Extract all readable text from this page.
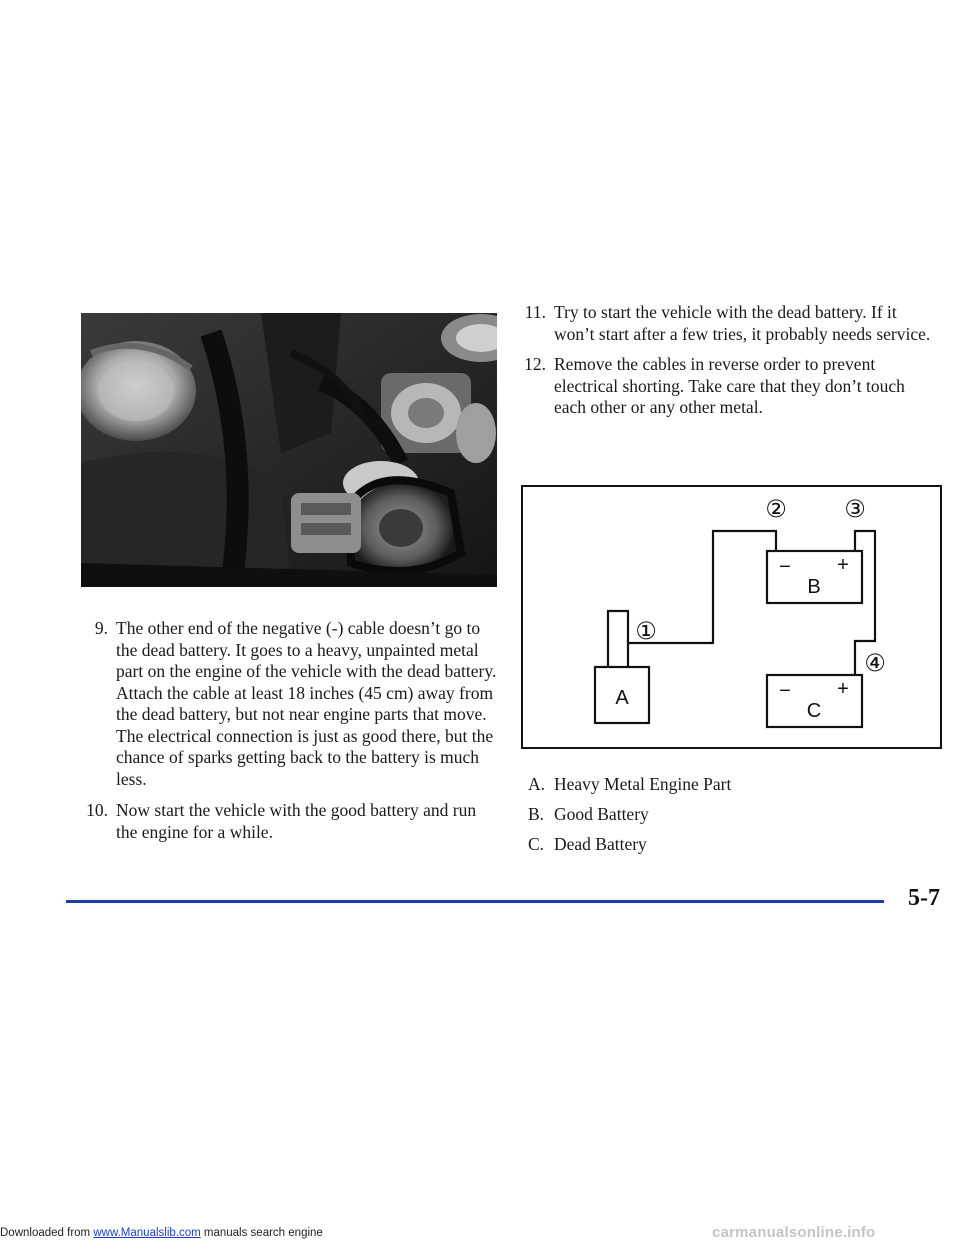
9. The other end of the negative (-) cable doesn’t go to the dead battery. It goes to a heavy, unpainted metal part on the engine of the vehicle with the dead battery. Attach the cable at least 18 inches (45 cm) away from the dead battery, but not near engine parts that move. The electrical connection is just as good there, but the chance of sparks getting back to the battery is much less.
10. Now start the vehicle with the good battery and run the engine for a while.
11. Try to start the vehicle with the dead battery. If it won’t start after a few tries, it probably needs service.
12. Remove the cables in reverse order to prevent electrical shorting. Take care that they don’t touch each other or any other metal.
A
− +
B
− +
C
①
② ③
④
A. Heavy Metal Engine Part
B. Good Battery
C. Dead Battery
5-7
Downloaded from www.Manualslib.com manuals search engine	carmanualsonline.info
